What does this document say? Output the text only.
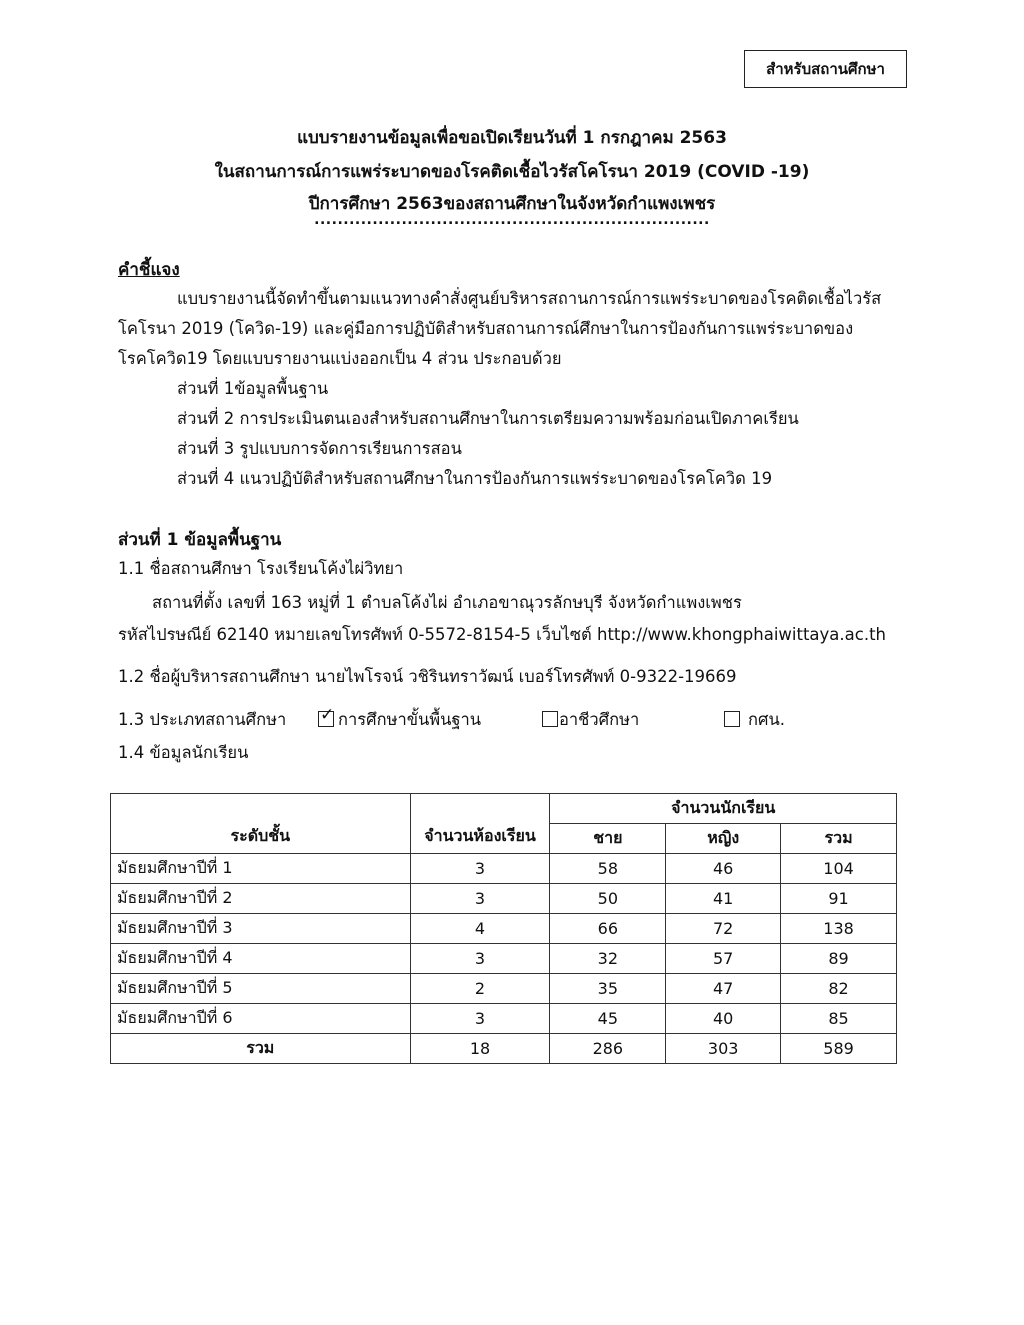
สำหรับสถานศึกษา
แบบรายงานข้อมูลเพื่อขอเปิดเรียนวันที่ 1 กรกฎาคม 2563
ในสถานการณ์การแพร่ระบาดของโรคติดเชื้อไวรัสโคโรนา 2019 (COVID -19)
ปีการศึกษา 2563ของสถานศึกษาในจังหวัดกำแพงเพชร
....................................................................
คำชี้แจง
แบบรายงานนี้จัดทำขึ้นตามแนวทางคำสั่งศูนย์บริหารสถานการณ์การแพร่ระบาดของโรคติดเชื้อไวรัส
โคโรนา 2019 (โควิด-19) และคู่มือการปฏิบัติสำหรับสถานการณ์ศึกษาในการป้องกันการแพร่ระบาดของ
โรคโควิด19 โดยแบบรายงานแบ่งออกเป็น 4 ส่วน ประกอบด้วย
ส่วนที่ 1ข้อมูลพื้นฐาน
ส่วนที่ 2 การประเมินตนเองสำหรับสถานศึกษาในการเตรียมความพร้อมก่อนเปิดภาคเรียน
ส่วนที่ 3 รูปแบบการจัดการเรียนการสอน
ส่วนที่ 4 แนวปฏิบัติสำหรับสถานศึกษาในการป้องกันการแพร่ระบาดของโรคโควิด 19
ส่วนที่ 1 ข้อมูลพื้นฐาน
1.1 ชื่อสถานศึกษา โรงเรียนโค้งไผ่วิทยา
สถานที่ตั้ง เลขที่ 163 หมู่ที่ 1 ตำบลโค้งไผ่ อำเภอขาณุวรลักษบุรี จังหวัดกำแพงเพชร
รหัสไปรษณีย์ 62140 หมายเลขโทรศัพท์ 0-5572-8154-5 เว็บไซต์ http://www.khongphaiwittaya.ac.th
1.2 ชื่อผู้บริหารสถานศึกษา นายไพโรจน์ วชิรินทราวัฒน์ เบอร์โทรศัพท์ 0-9322-19669
1.3 ประเภทสถานศึกษา ✓ การศึกษาขั้นพื้นฐาน	อาชีวศึกษา	กศน.
1.4 ข้อมูลนักเรียน
ระดับชั้น	จำนวนห้องเรียน	จำนวนนักเรียน		
		ชาย	หญิง	รวม
มัธยมศึกษาปีที่ 1	3	58	46	104
มัธยมศึกษาปีที่ 2	3	50	41	91
มัธยมศึกษาปีที่ 3	4	66	72	138
มัธยมศึกษาปีที่ 4	3	32	57	89
มัธยมศึกษาปีที่ 5	2	35	47	82
มัธยมศึกษาปีที่ 6	3	45	40	85
รวม	18	286	303	589
